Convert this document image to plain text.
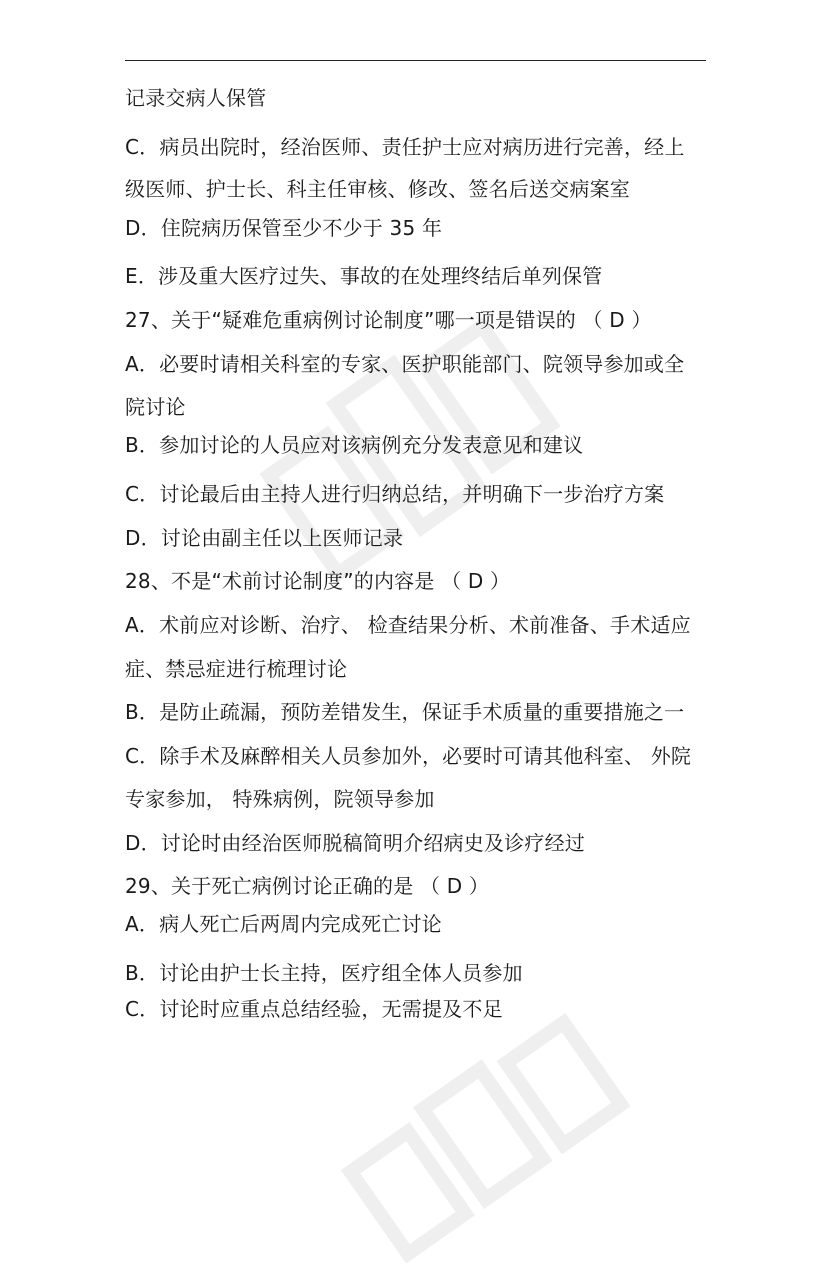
记录交病人保管
C．病员出院时，经治医师、责任护士应对病历进行完善，经上
级医师、护士长、科主任审核、修改、签名后送交病案室
D．住院病历保管至少不少于 35 年
E．涉及重大医疗过失、事故的在处理终结后单列保管
27、关于“疑难危重病例讨论制度”哪一项是错误的 （ D ）
A．必要时请相关科室的专家、医护职能部门、院领导参加或全
院讨论
B．参加讨论的人员应对该病例充分发表意见和建议
C．讨论最后由主持人进行归纳总结，并明确下一步治疗方案
D．讨论由副主任以上医师记录
28、不是“术前讨论制度”的内容是 （ D ）
A．术前应对诊断、治疗、 检查结果分析、术前准备、手术适应
症、禁忌症进行梳理讨论
B．是防止疏漏，预防差错发生，保证手术质量的重要措施之一
C．除手术及麻醉相关人员参加外，必要时可请其他科室、 外院
专家参加， 特殊病例，院领导参加
D．讨论时由经治医师脱稿简明介绍病史及诊疗经过
29、关于死亡病例讨论正确的是 （ D ）
A．病人死亡后两周内完成死亡讨论
B．讨论由护士长主持，医疗组全体人员参加
C．讨论时应重点总结经验，无需提及不足
